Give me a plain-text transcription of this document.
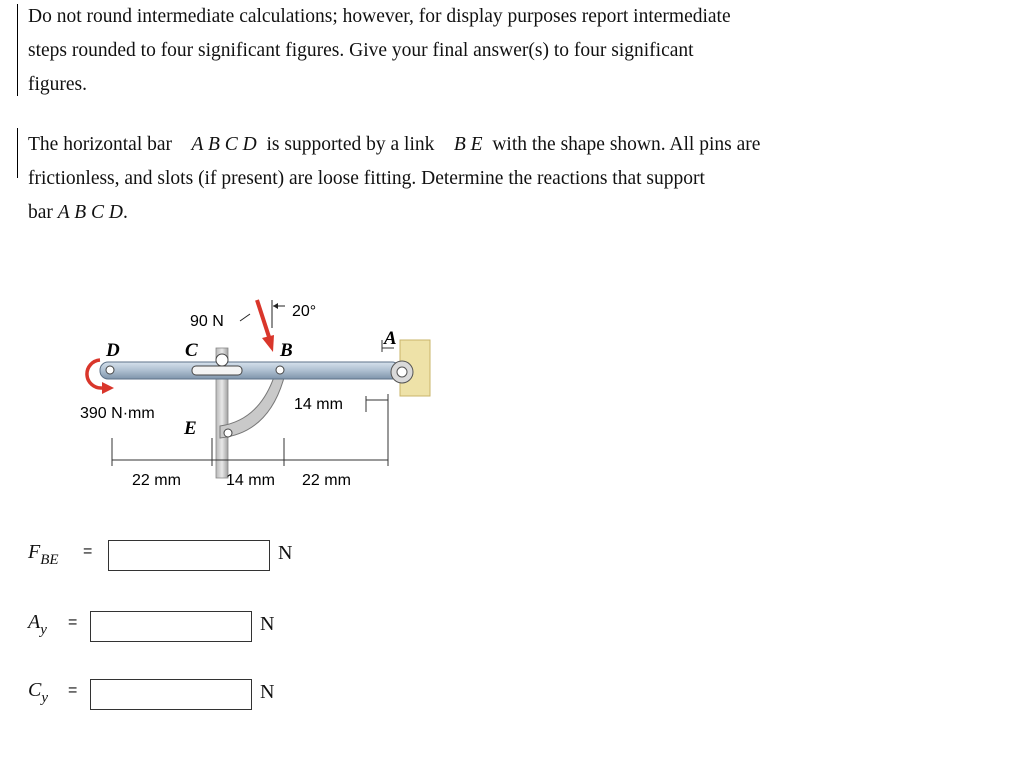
Do not round intermediate calculations; however, for display purposes report intermediate
steps rounded to four significant figures. Give your final answer(s) to four significant
figures.

The horizontal bar A B C D is supported by a link B E with the shape shown. All pins are
frictionless, and slots (if present) are loose fitting. Determine the reactions that support
bar A B C D.

90 N
20°
390 N·mm
D	C	B
A
E
14 mm
22 mm	14 mm 22 mm
$F_{BE}$ =	N
$A_y$ =	N
$C_y$ =	N
